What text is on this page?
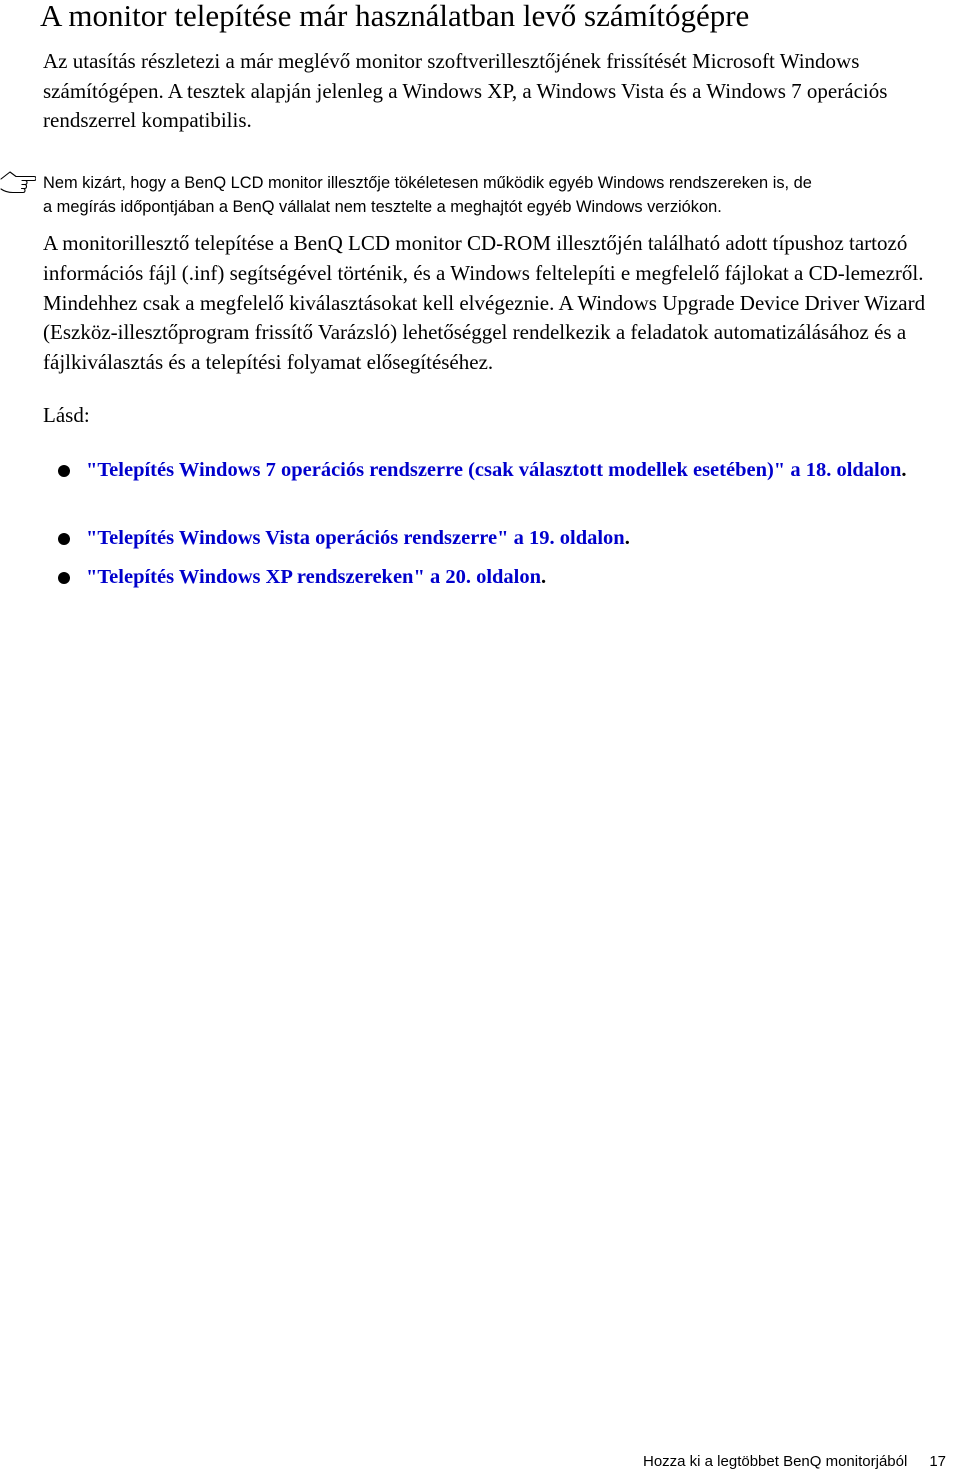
A monitor telepítése már használatban levő számítógépre

Az utasítás részletezi a már meglévő monitor szoftverillesztőjének frissítését Microsoft Windows számítógépen. A tesztek alapján jelenleg a Windows XP, a Windows Vista és a Windows 7 operációs rendszerrel kompatibilis.

Nem kizárt, hogy a BenQ LCD monitor illesztője tökéletesen működik egyéb Windows rendszereken is, de
a megírás időpontjában a BenQ vállalat nem tesztelte a meghajtót egyéb Windows verziókon.

A monitorillesztő telepítése a BenQ LCD monitor CD-ROM illesztőjén található adott típushoz tartozó információs fájl (.inf) segítségével történik, és a Windows feltelepíti e megfelelő fájlokat a CD-lemezről. Mindehhez csak a megfelelő kiválasztásokat kell elvégeznie. A Windows Upgrade Device Driver Wizard (Eszköz-illesztőprogram frissítő Varázsló) lehetőséggel rendelkezik a feladatok automatizálásához és a fájlkiválasztás és a telepítési folyamat elősegítéséhez.

Lásd:

"Telepítés Windows 7 operációs rendszerre (csak választott modellek esetében)" a 18. oldalon.
"Telepítés Windows Vista operációs rendszerre" a 19. oldalon.
"Telepítés Windows XP rendszereken" a 20. oldalon.
Hozza ki a legtöbbet BenQ monitorjából 17
